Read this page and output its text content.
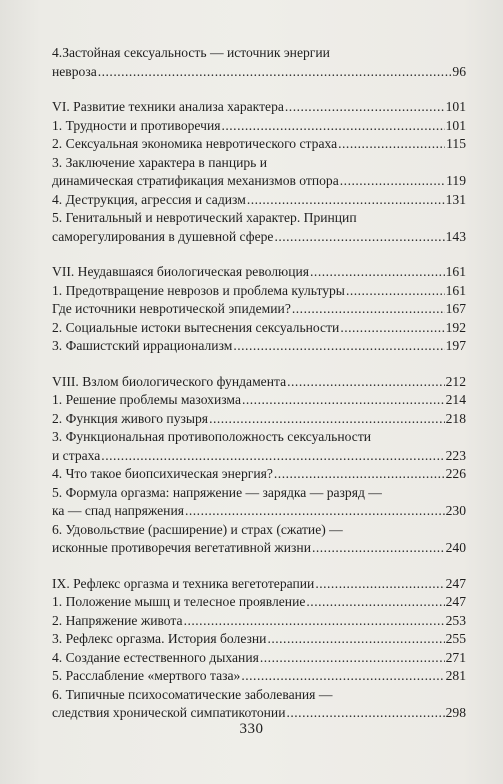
4.Застойная сексуальность — источник энергии
невроза .....	96
VI. Развитие техники анализа характера .....	101
1. Трудности и противоречия .....	101
2. Сексуальная экономика невротического страха .....	115
3. Заключение характера в панцирь и
динамическая стратификация механизмов отпора .....	119
4. Деструкция, агрессия и садизм .....	131
5. Генитальный и невротический характер. Принцип
саморегулирования в душевной сфере .....	143
VII. Неудавшаяся биологическая революция .....	161
1. Предотвращение неврозов и проблема культуры .....	161
Где источники невротической эпидемии? .....	167
2. Социальные истоки вытеснения сексуальности .....	192
3. Фашистский иррационализм .....	197
VIII. Взлом биологического фундамента .....	212
1. Решение проблемы мазохизма .....	214
2. Функция живого пузыря .....	218
3. Функциональная противоположность сексуальности
и страха .....	223
4. Что такое биопсихическая энергия? .....	226
5. Формула оргазма: напряжение — зарядка — разряд —
ка — спад напряжения .....	230
6. Удовольствие (расширение) и страх (сжатие) —
исконные противоречия вегетативной жизни .....	240
IX. Рефлекс оргазма и техника вегетотерапии .....	247
1. Положение мышц и телесное проявление .....	247
2. Напряжение живота .....	253
3. Рефлекс оргазма. История болезни .....	255
4. Создание естественного дыхания .....	271
5. Расслабление «мертвого таза» .....	281
6. Типичные психосоматические заболевания —
следствия хронической симпатикотонии .....	298
330
